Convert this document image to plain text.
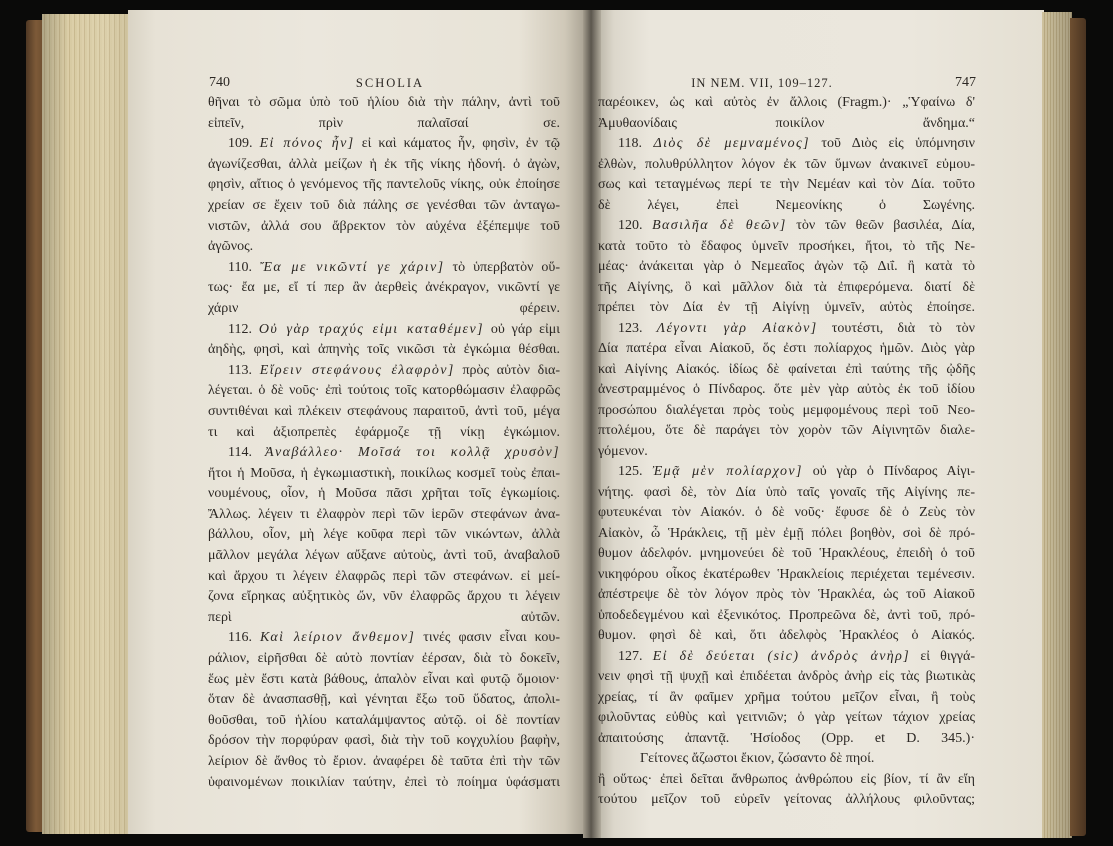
740	SCHOLIA	IN NEM. VII, 109–127.	747
θῆναι τὸ σῶμα ὑπὸ τοῦ ἡλίου διὰ τὴν πάλην, ἀντὶ τοῦ
εἰπεῖν, πρὶν παλαῖσαί σε.
109. Εἰ πόνος ἦν] εἰ καὶ κάματος ἦν, φησὶν, ἐν τῷ
ἀγωνίζεσθαι, ἀλλὰ μείζων ἡ ἐκ τῆς νίκης ἡδονή. ὁ ἀγὼν,
φησὶν, αἴτιος ὁ γενόμενος τῆς παντελοῦς νίκης, οὐκ ἐποίησε
χρείαν σε ἔχειν τοῦ διὰ πάλης σε γενέσθαι τῶν ἀνταγω-
νιστῶν, ἀλλά σου ἄβρεκτον τὸν αὐχένα ἐξέπεμψε τοῦ
ἀγῶνος.
110. Ἔα με νικῶντί γε χάριν] τὸ ὑπερβατὸν οὕ-
τως· ἔα με, εἴ τί περ ἂν ἀερθεὶς ἀνέκραγον, νικῶντί γε
χάριν φέρειν.
112. Οὐ γὰρ τραχύς εἰμι καταθέμεν] οὐ γάρ εἰμι
ἀηδὴς, φησὶ, καὶ ἀπηνὴς τοῖς νικῶσι τὰ ἐγκώμια θέσθαι.
113. Εἴρειν στεφάνους ἐλαφρὸν] πρὸς αὐτὸν δια-
λέγεται. ὁ δὲ νοῦς· ἐπὶ τούτοις τοῖς κατορθώμασιν ἐλαφρῶς
συντιθέναι καὶ πλέκειν στεφάνους παραιτοῦ, ἀντὶ τοῦ, μέγα
τι καὶ ἀξιοπρεπὲς ἐφάρμοζε τῇ νίκῃ ἐγκώμιον.
114. Ἀναβάλλεο· Μοῖσά τοι κολλᾷ χρυσὸν]
ἤτοι ἡ Μοῦσα, ἡ ἐγκωμιαστικὴ, ποικίλως κοσμεῖ τοὺς ἐπαι-
νουμένους, οἷον, ἡ Μοῦσα πᾶσι χρῆται τοῖς ἐγκωμίοις.
Ἄλλως. λέγειν τι ἐλαφρὸν περὶ τῶν ἱερῶν στεφάνων ἀνα-
βάλλου, οἷον, μὴ λέγε κοῦφα περὶ τῶν νικώντων, ἀλλὰ
μᾶλλον μεγάλα λέγων αὔξανε αὐτοὺς, ἀντὶ τοῦ, ἀναβαλοῦ
καὶ ἄρχου τι λέγειν ἐλαφρῶς περὶ τῶν στεφάνων. εἰ μεί-
ζονα εἴρηκας αὐξητικὸς ὤν, νῦν ἐλαφρῶς ἄρχου τι λέγειν
περὶ αὐτῶν.
116. Καὶ λείριον ἄνθεμον] τινές φασιν εἶναι κου-
ράλιον, εἰρῆσθαι δὲ αὐτὸ ποντίαν ἐέρσαν, διὰ τὸ δοκεῖν,
ἕως μὲν ἔστι κατὰ βάθους, ἁπαλὸν εἶναι καὶ φυτῷ ὅμοιον·
ὅταν δὲ ἀνασπασθῇ, καὶ γένηται ἔξω τοῦ ὕδατος, ἀπολι-
θοῦσθαι, τοῦ ἡλίου καταλάμψαντος αὐτῷ. οἱ δὲ ποντίαν
δρόσον τὴν πορφύραν φασὶ, διὰ τὴν τοῦ κογχυλίου βαφὴν,
λείριον δὲ ἄνθος τὸ ἔριον. ἀναφέρει δὲ ταῦτα ἐπὶ τὴν τῶν
ὑφαινομένων ποικιλίαν ταύτην, ἐπεὶ τὸ ποίημα ὑφάσματι
παρέοικεν, ὡς καὶ αὐτὸς ἐν ἄλλοις (Fragm.)· „Ὑφαίνω δ'
Ἀμυθαονίδαις ποικίλον ἄνδημα.“
118. Διὸς δὲ μεμναμένος] τοῦ Διὸς εἰς ὑπόμνησιν
ἐλθὼν, πολυθρύλλητον λόγον ἐκ τῶν ὕμνων ἀνακινεῖ εὐμου-
σως καὶ τεταγμένως περί τε τὴν Νεμέαν καὶ τὸν Δία. τοῦτο
δὲ λέγει, ἐπεὶ Νεμεονίκης ὁ Σωγένης.
120. Βασιλῆα δὲ θεῶν] τὸν τῶν θεῶν βασιλέα, Δία,
κατὰ τοῦτο τὸ ἔδαφος ὑμνεῖν προσήκει, ἤτοι, τὸ τῆς Νε-
μέας· ἀνάκειται γὰρ ὁ Νεμεαῖος ἀγὼν τῷ Διΐ. ἢ κατὰ τὸ
τῆς Αἰγίνης, ὃ καὶ μᾶλλον διὰ τὰ ἐπιφερόμενα. διατί δὲ
πρέπει τὸν Δία ἐν τῇ Αἰγίνῃ ὑμνεῖν, αὐτὸς ἐποίησε.
123. Λέγοντι γὰρ Αἰακὸν] τουτέστι, διὰ τὸ τὸν
Δία πατέρα εἶναι Αἰακοῦ, ὅς ἐστι πολίαρχος ἡμῶν. Διὸς γὰρ
καὶ Αἰγίνης Αἰακός. ἰδίως δὲ φαίνεται ἐπὶ ταύτης τῆς ᾠδῆς
ἀνεστραμμένος ὁ Πίνδαρος. ὅτε μὲν γὰρ αὐτὸς ἐκ τοῦ ἰδίου
προσώπου διαλέγεται πρὸς τοὺς μεμφομένους περὶ τοῦ Νεο-
πτολέμου, ὅτε δὲ παράγει τὸν χορὸν τῶν Αἰγινητῶν διαλε-
γόμενον.
125. Ἐμᾷ μὲν πολίαρχον] οὐ γὰρ ὁ Πίνδαρος Αἰγι-
νήτης. φασὶ δὲ, τὸν Δία ὑπὸ ταῖς γοναῖς τῆς Αἰγίνης πε-
φυτευκέναι τὸν Αἰακόν. ὁ δὲ νοῦς· ἔφυσε δὲ ὁ Ζεὺς τὸν
Αἰακὸν, ὦ Ἡράκλεις, τῇ μὲν ἐμῇ πόλει βοηθὸν, σοὶ δὲ πρό-
θυμον ἀδελφόν. μνημονεύει δὲ τοῦ Ἡρακλέους, ἐπειδὴ ὁ τοῦ
νικηφόρου οἶκος ἑκατέρωθεν Ἡρακλείοις περιέχεται τεμένεσιν.
ἀπέστρεψε δὲ τὸν λόγον πρὸς τὸν Ἡρακλέα, ὡς τοῦ Αἰακοῦ
ὑποδεδεγμένου καὶ ἐξενικότος. Προπρεῶνα δὲ, ἀντὶ τοῦ, πρό-
θυμον. φησὶ δὲ καὶ, ὅτι ἀδελφὸς Ἡρακλέος ὁ Αἰακός.
127. Εἰ δὲ δεύεται (sic) ἀνδρὸς ἀνὴρ] εἰ θιγγά-
νειν φησὶ τῇ ψυχῇ καὶ ἐπιδέεται ἀνδρὸς ἀνὴρ εἰς τὰς βιωτικὰς
χρείας, τί ἂν φαῖμεν χρῆμα τούτου μεῖζον εἶναι, ἢ τοὺς
φιλοῦντας εὐθὺς καὶ γειτνιῶν; ὁ γὰρ γείτων τάχιον χρείας
ἀπαιτούσης ἀπαντᾷ. Ἡσίοδος (Opp. et D. 345.)·
Γείτονες ἄζωστοι ἔκιον, ζώσαντο δὲ πηοί.
ἢ οὕτως· ἐπεὶ δεῖται ἄνθρωπος ἀνθρώπου εἰς βίον, τί ἂν εἴη
τούτου μεῖζον τοῦ εὑρεῖν γείτονας ἀλλήλους φιλοῦντας;
